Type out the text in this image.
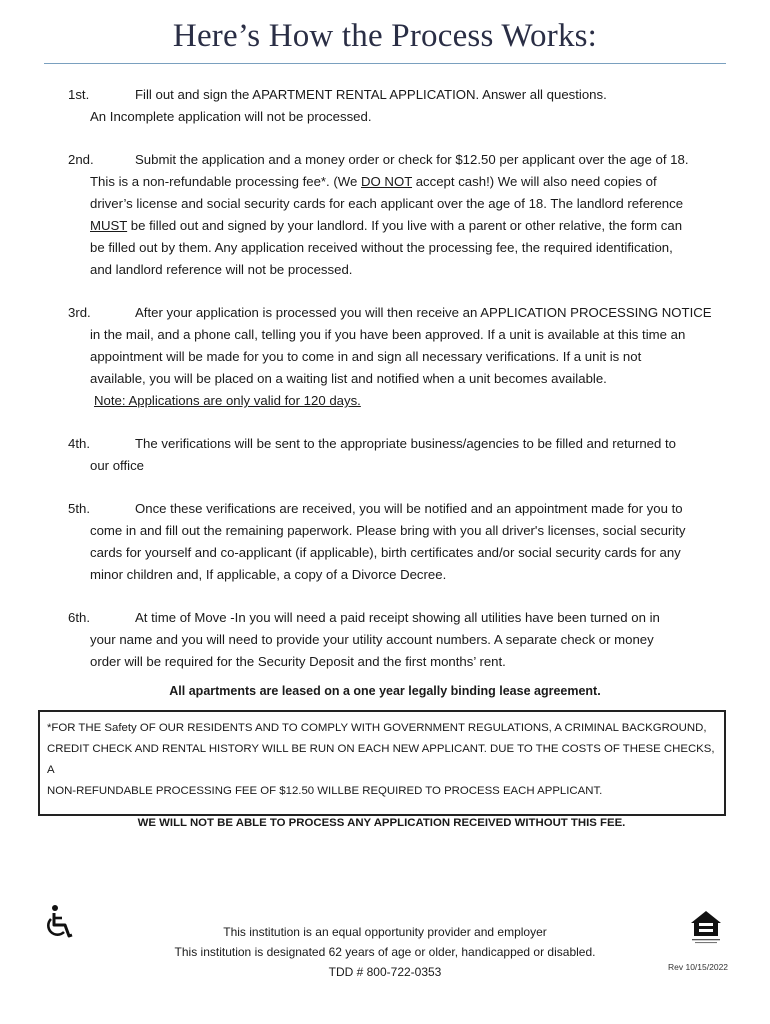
Here’s How the Process Works:
1st.	Fill out and sign the APARTMENT RENTAL APPLICATION. Answer all questions.
An Incomplete application will not be processed.
2nd.	Submit the application and a money order or check for $12.50 per applicant over the age of 18.
This is a non-refundable processing fee*. (We DO NOT accept cash!) We will also need copies of
driver’s license and social security cards for each applicant over the age of 18. The landlord reference
MUST be filled out and signed by your landlord. If you live with a parent or other relative, the form can
be filled out by them. Any application received without the processing fee, the required identification,
and landlord reference will not be processed.
3rd.	After your application is processed you will then receive an APPLICATION PROCESSING NOTICE
in the mail, and a phone call, telling you if you have been approved. If a unit is available at this time an
appointment will be made for you to come in and sign all necessary verifications. If a unit is not
available, you will be placed on a waiting list and notified when a unit becomes available.
Note: Applications are only valid for 120 days.
4th.	The verifications will be sent to the appropriate business/agencies to be filled and returned to
our office
5th.	Once these verifications are received, you will be notified and an appointment made for you to
come in and fill out the remaining paperwork. Please bring with you all driver's licenses, social security
cards for yourself and co-applicant (if applicable), birth certificates and/or social security cards for any
minor children and, If applicable, a copy of a Divorce Decree.
6th.	At time of Move -In you will need a paid receipt showing all utilities have been turned on in
your name and you will need to provide your utility account numbers. A separate check or money
order will be required for the Security Deposit and the first months’ rent.
All apartments are leased on a one year legally binding lease agreement.
*FOR THE Safety OF OUR RESIDENTS AND TO COMPLY WITH GOVERNMENT REGULATIONS, A CRIMINAL BACKGROUND,
CREDIT CHECK AND RENTAL HISTORY WILL BE RUN ON EACH NEW APPLICANT. DUE TO THE COSTS OF THESE CHECKS, A
NON-REFUNDABLE PROCESSING FEE OF $12.50 WILLBE REQUIRED TO PROCESS EACH APPLICANT.
WE WILL NOT BE ABLE TO PROCESS ANY APPLICATION RECEIVED WITHOUT THIS FEE.
This institution is an equal opportunity provider and employer
This institution is designated 62 years of age or older, handicapped or disabled.
TDD # 800-722-0353	Rev 10/15/2022
